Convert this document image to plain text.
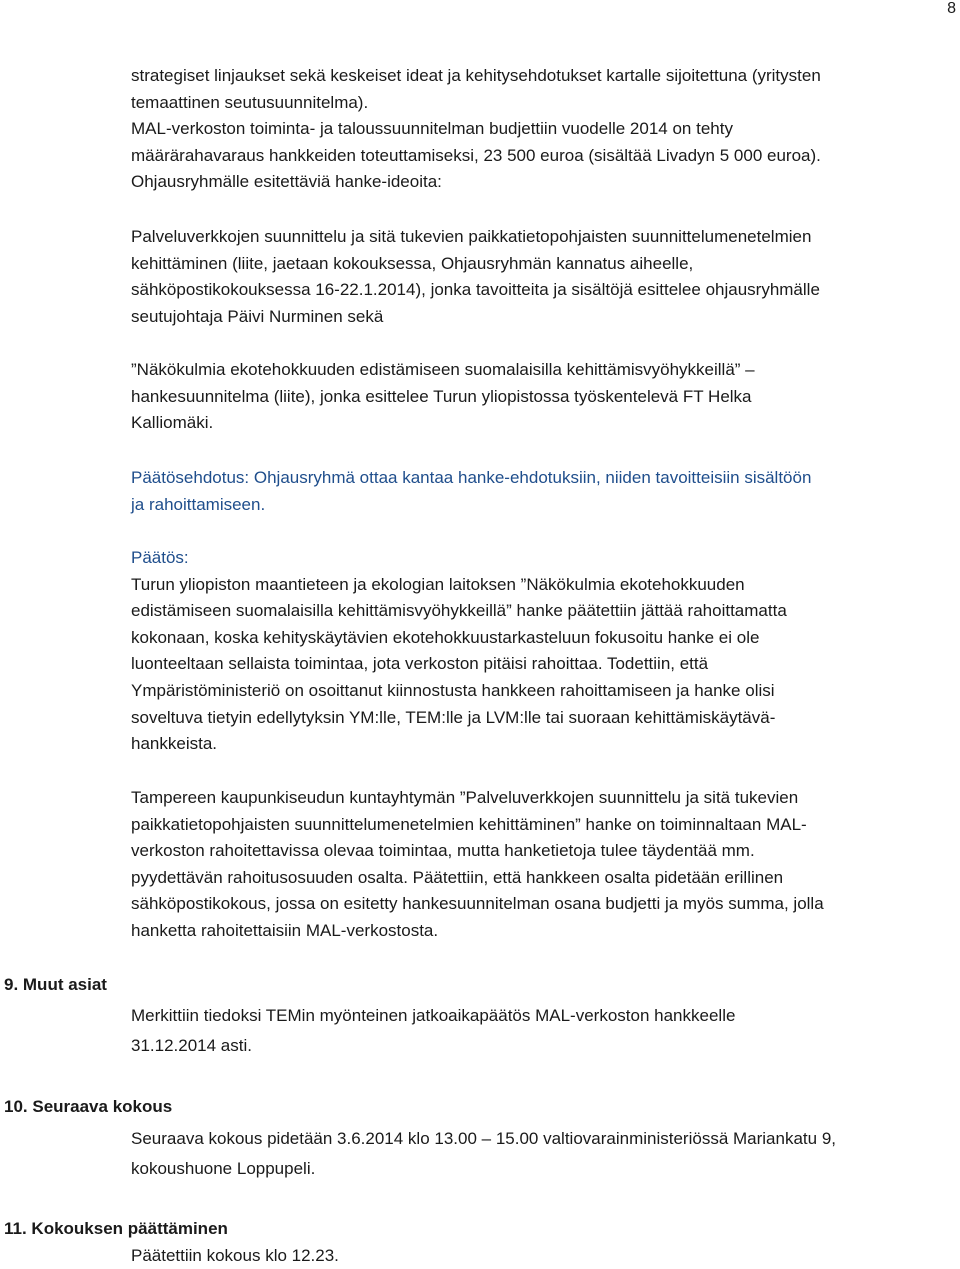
8

strategiset linjaukset sekä keskeiset ideat ja kehitysehdotukset kartalle sijoitettuna (yritysten

temaattinen seutusuunnitelma).

MAL-verkoston toiminta- ja taloussuunnitelman budjettiin vuodelle 2014 on tehty

määrärahavaraus hankkeiden toteuttamiseksi, 23 500 euroa (sisältää Livadyn 5 000 euroa).

Ohjausryhmälle esitettäviä hanke-ideoita:

Palveluverkkojen suunnittelu ja sitä tukevien paikkatietopohjaisten suunnittelumenetelmien

kehittäminen (liite, jaetaan kokouksessa, Ohjausryhmän kannatus aiheelle,

sähköpostikokouksessa 16-22.1.2014), jonka tavoitteita ja sisältöjä esittelee ohjausryhmälle

seutujohtaja Päivi Nurminen sekä

”Näkökulmia ekotehokkuuden edistämiseen suomalaisilla kehittämisvyöhykkeillä” –

hankesuunnitelma (liite), jonka esittelee Turun yliopistossa työskentelevä FT Helka

Kalliomäki.

Päätösehdotus: Ohjausryhmä ottaa kantaa hanke-ehdotuksiin, niiden tavoitteisiin sisältöön

ja rahoittamiseen.

Päätös:

Turun yliopiston maantieteen ja ekologian laitoksen ”Näkökulmia ekotehokkuuden

edistämiseen suomalaisilla kehittämisvyöhykkeillä” hanke päätettiin jättää rahoittamatta

kokonaan, koska kehityskäytävien ekotehokkuustarkasteluun fokusoitu hanke ei ole

luonteeltaan sellaista toimintaa, jota verkoston pitäisi rahoittaa. Todettiin, että

Ympäristöministeriö on osoittanut kiinnostusta hankkeen rahoittamiseen ja hanke olisi

soveltuva tietyin edellytyksin YM:lle, TEM:lle ja LVM:lle tai suoraan kehittämiskäytävä-

hankkeista.

Tampereen kaupunkiseudun kuntayhtymän ”Palveluverkkojen suunnittelu ja sitä tukevien

paikkatietopohjaisten suunnittelumenetelmien kehittäminen” hanke on toiminnaltaan MAL-

verkoston rahoitettavissa olevaa toimintaa, mutta hanketietoja tulee täydentää mm.

pyydettävän rahoitusosuuden osalta. Päätettiin, että hankkeen osalta pidetään erillinen

sähköpostikokous, jossa on esitetty hankesuunnitelman osana budjetti ja myös summa, jolla

hanketta rahoitettaisiin MAL-verkostosta.

9. Muut asiat

Merkittiin tiedoksi TEMin myönteinen jatkoaikapäätös MAL-verkoston hankkeelle

31.12.2014 asti.

10. Seuraava kokous

Seuraava kokous pidetään 3.6.2014 klo 13.00 – 15.00 valtiovarainministeriössä Mariankatu 9,

kokoushuone Loppupeli.

11. Kokouksen päättäminen

Päätettiin kokous klo 12.23.
